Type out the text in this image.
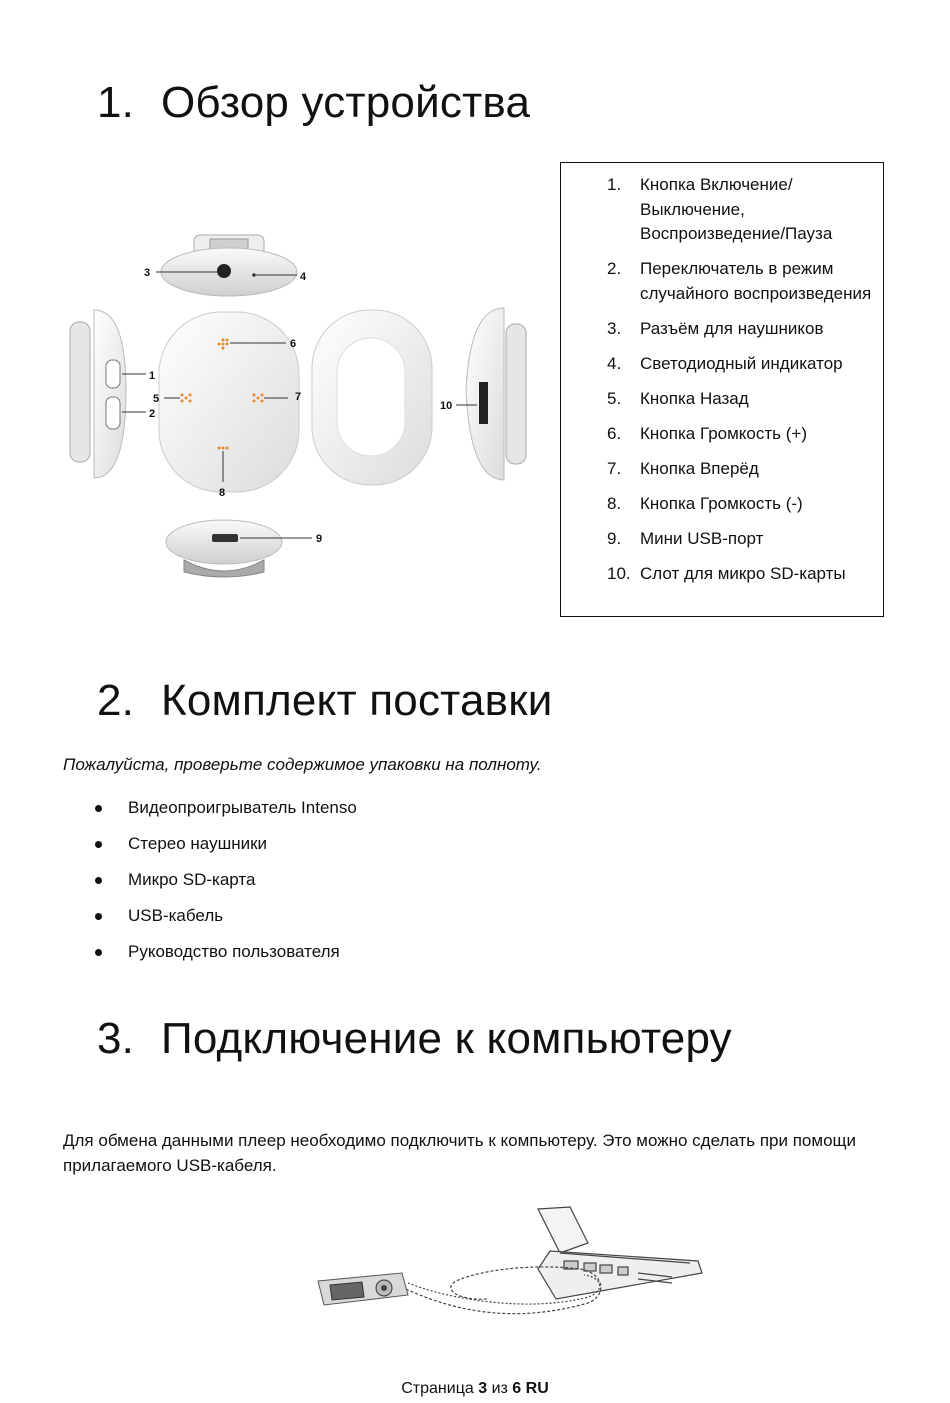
1. Обзор устройства
2. Комплект поставки
3. Подключение к компьютеру
3	4
1
2
6
5	7
8
10
9
1. Кнопка Включение/Выключение, Воспроизведение/Пауза
2. Переключатель в режим случайного воспроизведения
3. Разъём для наушников
4. Светодиодный индикатор
5. Кнопка Назад
6. Кнопка Громкость (+)
7. Кнопка Вперёд
8. Кнопка Громкость (-)
9. Мини USB-порт
10. Слот для микро SD-карты
Пожалуйста, проверьте содержимое упаковки на полноту.
Видеопроигрыватель Intenso
Стерео наушники
Микро SD-карта
USB-кабель
Руководство пользователя

Для обмена данными плеер необходимо подключить к компьютеру. Это можно сделать при помощи прилагаемого USB-кабеля.

Страница 3 из 6 RU
